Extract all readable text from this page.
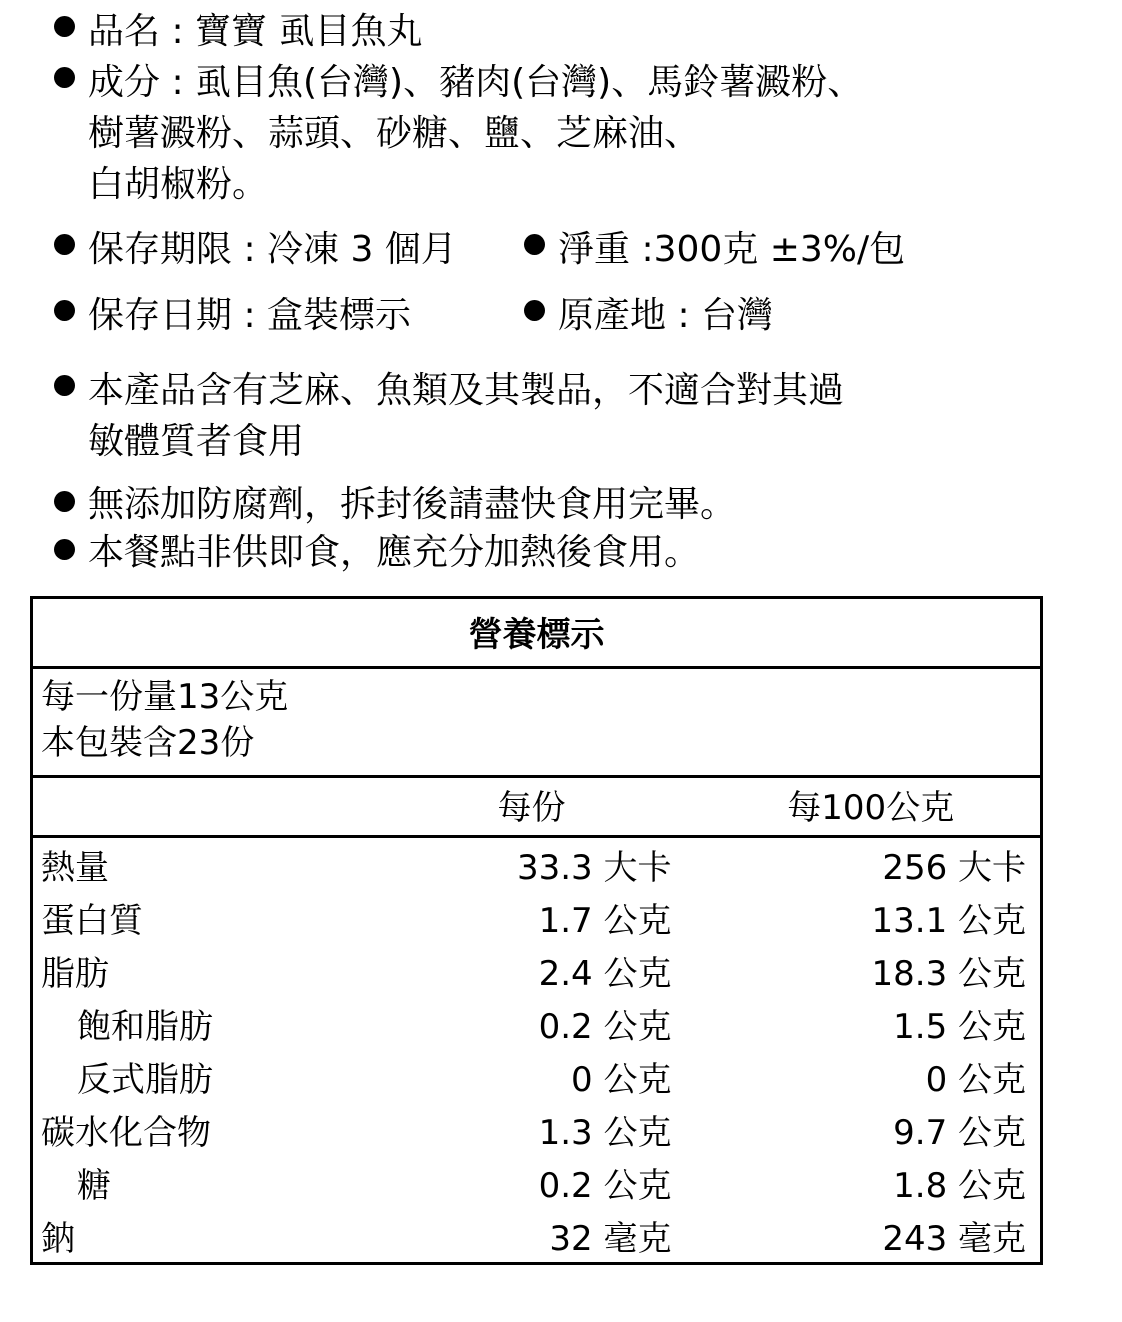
品名 : 寶寶 虱目魚丸
成分 : 虱目魚(台灣)、豬肉(台灣)、馬鈴薯澱粉、
樹薯澱粉、蒜頭、砂糖、鹽、芝麻油、
白胡椒粉。
保存期限 : 冷凍 3 個月	淨重 :300克 ±3%/包
保存日期 : 盒裝標示	原產地 : 台灣
本產品含有芝麻、魚類及其製品，不適合對其過
敏體質者食用
無添加防腐劑，拆封後請盡快食用完畢。
本餐點非供即食，應充分加熱後食用。
營養標示		

每一份量13公克
本包裝含23份		

	每份	每100公克
熱量	33.3 大卡	256 大卡
蛋白質	1.7 公克	13.1 公克
脂肪	2.4 公克	18.3 公克
飽和脂肪	0.2 公克	1.5 公克
反式脂肪	0 公克	0 公克
碳水化合物	1.3 公克	9.7 公克
糖	0.2 公克	1.8 公克
鈉	32 毫克	243 毫克
